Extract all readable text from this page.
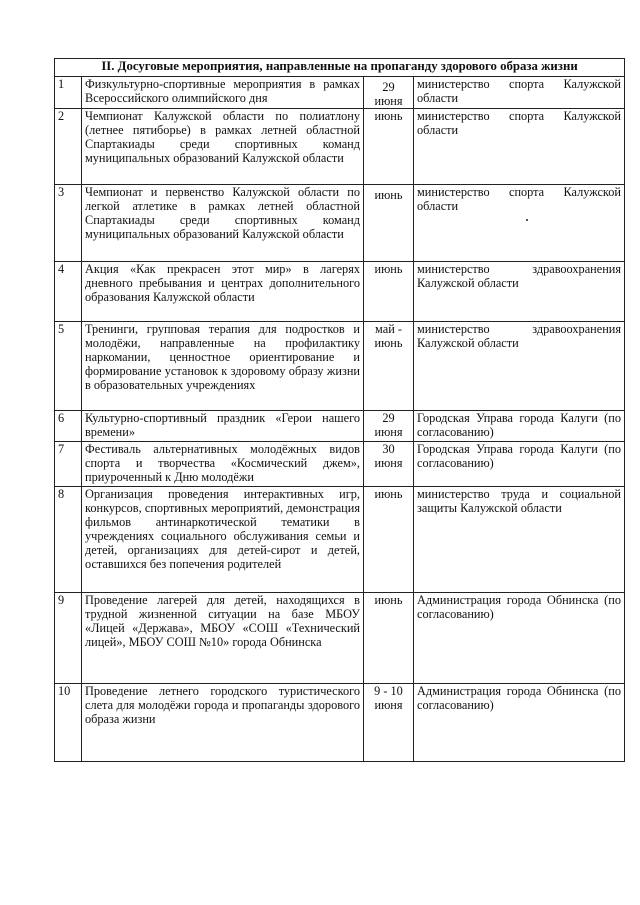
II. Досуговые мероприятия, направленные на пропаганду здорового образа жизни			
1	Физкультурно-спортивные мероприятия в рамках Всероссийского олимпийского дня	29 июня	министерство спорта Калужской области
2	Чемпионат Калужской области по полиатлону (летнее пятиборье) в рамках летней областной Спартакиады среди спортивных команд муниципальных образований Калужской области	июнь	министерство спорта Калужской области
3	Чемпионат и первенство Калужской области по легкой атлетике в рамках летней областной Спартакиады среди спортивных команд муниципальных образований Калужской области	июнь	министерство спорта Калужской области
4	Акция «Как прекрасен этот мир» в лагерях дневного пребывания и центрах дополнительного образования Калужской области	июнь	министерство здравоохранения Калужской области
5	Тренинги, групповая терапия для подростков и молодёжи, направленные на профилактику наркомании, ценностное ориентирование и формирование установок к здоровому образу жизни в образовательных учреждениях	май - июнь	министерство здравоохранения Калужской области
6	Культурно-спортивный праздник «Герои нашего времени»	29 июня	Городская Управа города Калуги (по согласованию)
7	Фестиваль альтернативных молодёжных видов спорта и творчества «Космический джем», приуроченный к Дню молодёжи	30 июня	Городская Управа города Калуги (по согласованию)
8	Организация проведения интерактивных игр, конкурсов, спортивных мероприятий, демонстрация фильмов антинаркотической тематики в учреждениях социального обслуживания семьи и детей, организациях для детей-сирот и детей, оставшихся без попечения родителей	июнь	министерство труда и социальной защиты Калужской области
9	Проведение лагерей для детей, находящихся в трудной жизненной ситуации на базе МБОУ «Лицей «Держава», МБОУ «СОШ «Технический лицей», МБОУ СОШ №10» города Обнинска	июнь	Администрация города Обнинска (по согласованию)
10	Проведение летнего городского туристического слета для молодёжи города и пропаганды здорового образа жизни	9 - 10 июня	Администрация города Обнинска (по согласованию)
